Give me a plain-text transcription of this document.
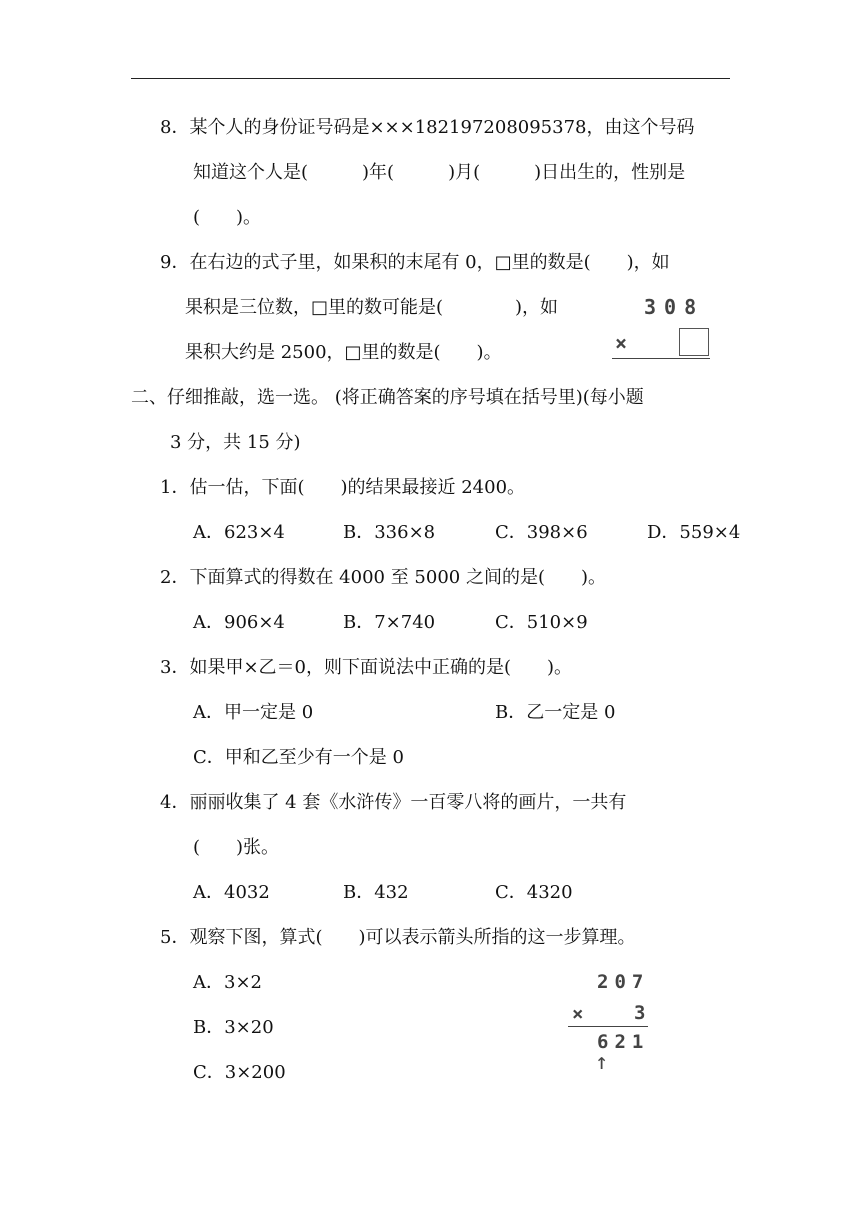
8．某个人的身份证号码是×××182197208095378，由这个号码
知道这个人是(　　　)年(　　　)月(　　　)日出生的，性别是
(　　)。
9．在右边的式子里，如果积的末尾有 0，□里的数是(　　)，如
果积是三位数，□里的数可能是(　　　　)，如
果积大约是 2500，□里的数是(　　)。
308
×
二、仔细推敲，选一选。 (将正确答案的序号填在括号里)(每小题
3 分，共 15 分)
1．估一估，下面(　　)的结果最接近 2400。
A．623×4	B．336×8	C．398×6	D．559×4
2．下面算式的得数在 4000 至 5000 之间的是(　　)。
A．906×4	B．7×740	C．510×9
3．如果甲×乙＝0，则下面说法中正确的是(　　)。
A．甲一定是 0	B．乙一定是 0
C．甲和乙至少有一个是 0
4．丽丽收集了 4 套《水浒传》一百零八将的画片，一共有
(　　)张。
A．4032	B．432	C．4320
5．观察下图，算式(　　)可以表示箭头所指的这一步算理。
A．3×2
B．3×20
C．3×200
207
×	3
621
↑
